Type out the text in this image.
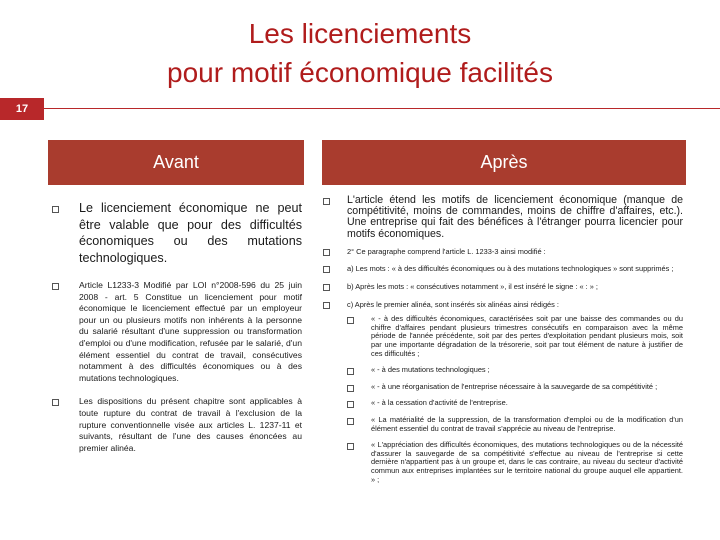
Les licenciements
pour motif économique facilités
17
Avant	Après
Le licenciement économique ne peut être valable que pour des difficultés économiques ou des mutations technologiques.
Article L1233-3 Modifié par LOI n°2008-596 du 25 juin 2008 - art. 5 Constitue un licenciement pour motif économique le licenciement effectué par un employeur pour un ou plusieurs motifs non inhérents à la personne du salarié résultant d'une suppression ou transformation d'emploi ou d'une modification, refusée par le salarié, d'un élément essentiel du contrat de travail, consécutives notamment à des difficultés économiques ou à des mutations technologiques.
Les dispositions du présent chapitre sont applicables à toute rupture du contrat de travail à l'exclusion de la rupture conventionnelle visée aux articles L. 1237-11 et suivants, résultant de l'une des causes énoncées au premier alinéa.
L'article étend les motifs de licenciement économique (manque de compétitivité, moins de commandes, moins de chiffre d'affaires, etc.). Une entreprise qui fait des bénéfices à l'étranger pourra licencier pour motifs économiques.
2° Ce paragraphe comprend l'article L. 1233-3 ainsi modifié :
a) Les mots : « à des difficultés économiques ou à des mutations technologiques » sont supprimés ;
b) Après les mots : « consécutives notamment », il est inséré le signe : « : » ;
c) Après le premier alinéa, sont insérés six alinéas ainsi rédigés :
« - à des difficultés économiques, caractérisées soit par une baisse des commandes ou du chiffre d'affaires pendant plusieurs trimestres consécutifs en comparaison avec la même période de l'année précédente, soit par des pertes d'exploitation pendant plusieurs mois, soit par une importante dégradation de la trésorerie, soit par tout élément de nature à justifier de ces difficultés ;
« - à des mutations technologiques ;
« - à une réorganisation de l'entreprise nécessaire à la sauvegarde de sa compétitivité ;
« - à la cessation d'activité de l'entreprise.
« La matérialité de la suppression, de la transformation d'emploi ou de la modification d'un élément essentiel du contrat de travail s'apprécie au niveau de l'entreprise.
« L'appréciation des difficultés économiques, des mutations technologiques ou de la nécessité d'assurer la sauvegarde de sa compétitivité s'effectue au niveau de l'entreprise si cette dernière n'appartient pas à un groupe et, dans le cas contraire, au niveau du secteur d'activité commun aux entreprises implantées sur le territoire national du groupe auquel elle appartient. » ;
